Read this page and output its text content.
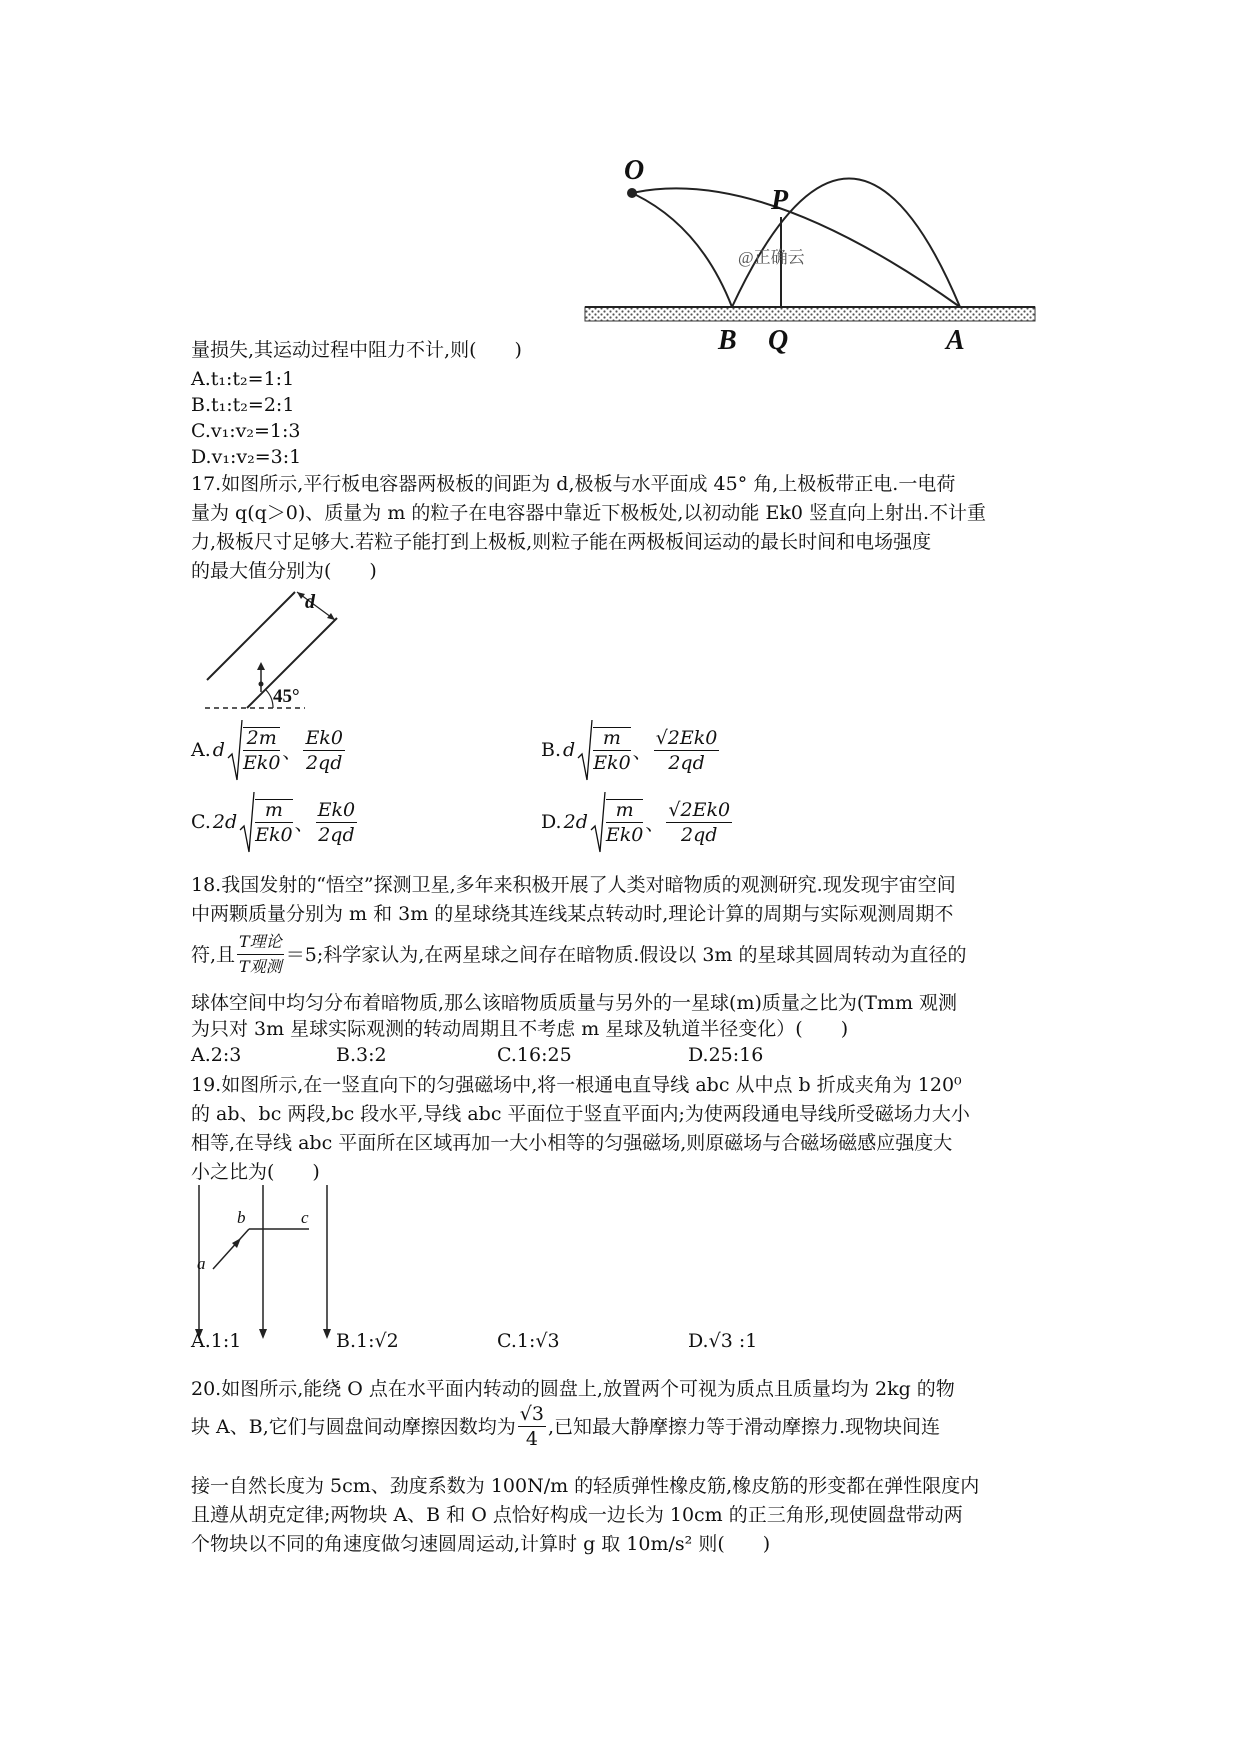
O
P
B Q	A
@正确云
量损失,其运动过程中阻力不计,则(　　)
A.t₁:t₂=1:1
B.t₁:t₂=2:1
C.v₁:v₂=1:3
D.v₁:v₂=3:1
17.如图所示,平行板电容器两极板的间距为 d,极板与水平面成 45° 角,上极板带正电.一电荷
量为 q(q＞0)、质量为 m 的粒子在电容器中靠近下极板处,以初动能 Ek0 竖直向上射出.不计重
力,极板尺寸足够大.若粒子能打到上极板,则粒子能在两极板间运动的最长时间和电场强度
的最大值分别为(　　)
d
45°
A. d $\frac{2m}{Ek0}$ 、 $\frac{Ek0}{2qd}$	B. d $\frac{m}{Ek0}$ 、 $\frac{√2Ek0}{2qd}$
C. $2d \frac{m}{Ek0}$ 、 $\frac{Ek0}{2qd}$	D. $2d \frac{m}{Ek0}$ 、 $\frac{√2Ek0}{2qd}$
18.我国发射的“悟空”探测卫星,多年来积极开展了人类对暗物质的观测研究.现发现宇宙空间
中两颗质量分别为 m 和 3m 的星球绕其连线某点转动时,理论计算的周期与实际观测周期不
符,且 $\frac{\text{T理论}}{\text{T观测}} =5$;科学家认为,在两星球之间存在暗物质.假设以 3m 的星球其圆周转动为直径的
球体空间中均匀分布着暗物质,那么该暗物质质量与另外的一星球(m)质量之比为(Tmm 观测
为只对 3m 星球实际观测的转动周期且不考虑 m 星球及轨道半径变化）(　　)
A.2:3	B.3:2	C.16:25	D.25:16
19.如图所示,在一竖直向下的匀强磁场中,将一根通电直导线 abc 从中点 b 折成夹角为 120⁰
的 ab、bc 两段,bc 段水平,导线 abc 平面位于竖直平面内;为使两段通电导线所受磁场力大小
相等,在导线 abc 平面所在区域再加一大小相等的匀强磁场,则原磁场与合磁场磁感应强度大
小之比为(　　)
a
b	c
A.1:1	B.1:√2	C.1:√3	D.√3 :1
20.如图所示,能绕 O 点在水平面内转动的圆盘上,放置两个可视为质点且质量均为 2kg 的物
块 A、B,它们与圆盘间动摩擦因数均为 $\frac{√3}{4}$ ,已知最大静摩擦力等于滑动摩擦力.现物块间连
接一自然长度为 5cm、劲度系数为 100N/m 的轻质弹性橡皮筋,橡皮筋的形变都在弹性限度内
且遵从胡克定律;两物块 A、B 和 O 点恰好构成一边长为 10cm 的正三角形,现使圆盘带动两
个物块以不同的角速度做匀速圆周运动,计算时 g 取 10m/s² 则(　　)
